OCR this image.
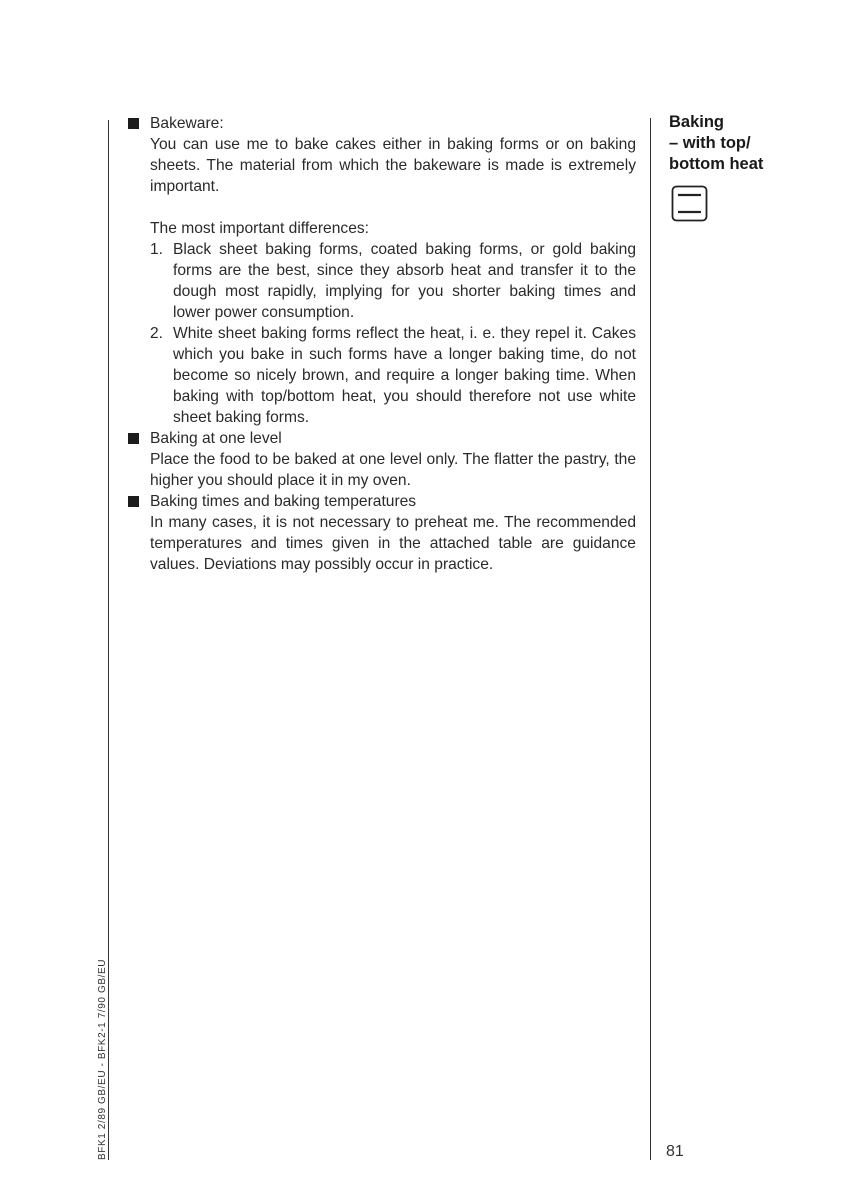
Bakeware:

You can use me to bake cakes either in baking forms or on baking sheets. The material from which the bakeware is made is extremely important.

The most important differences:

1. Black sheet baking forms, coated baking forms, or gold baking forms are the best, since they absorb heat and transfer it to the dough most rapidly, implying for you shorter baking times and lower power consumption.
2. White sheet baking forms reflect the heat, i. e. they repel it. Cakes which you bake in such forms have a longer baking time, do not become so nicely brown, and require a longer baking time. When baking with top/bottom heat, you should therefore not use white sheet baking forms.

Baking at one level

Place the food to be baked at one level only. The flatter the pastry, the higher you should place it in my oven.

Baking times and baking temperatures

In many cases, it is not necessary to preheat me. The recommended temperatures and times given in the attached table are guidance values. Deviations may possibly occur in practice.

Baking
– with top/
bottom heat
81
BFK1 2/89 GB/EU - BFK2-1 7/90 GB/EU
